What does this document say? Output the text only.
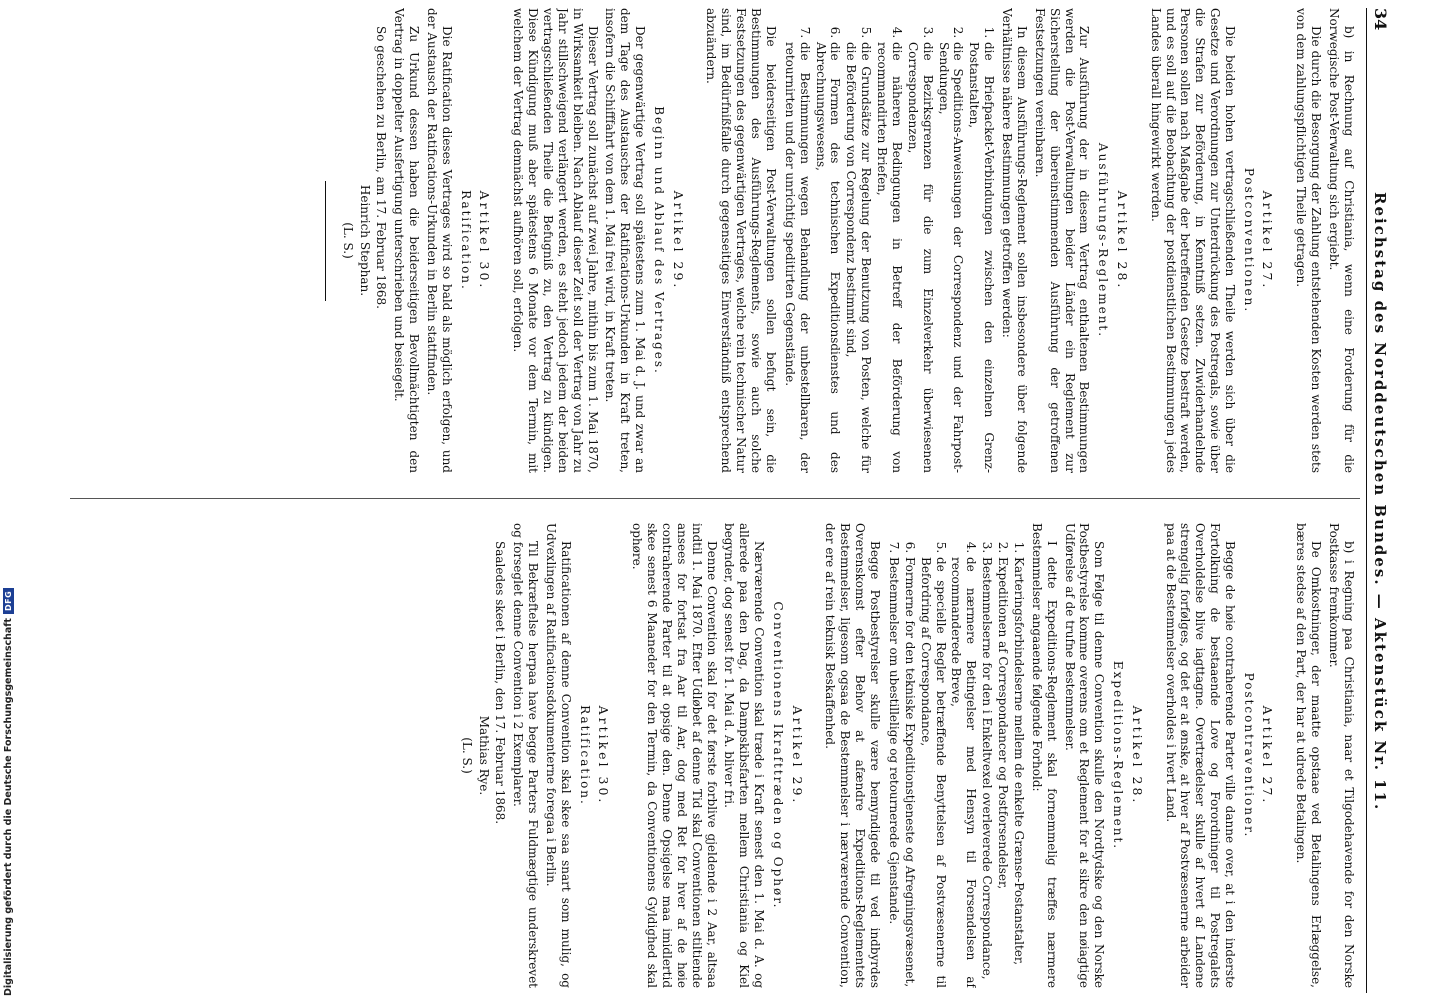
Digitalisierung gefördert durch die Deutsche Forschungsgemeinschaft
DFG
34
Reichstag des Norddeutschen Bundes. — Aktenstück Nr. 11.

b) in Rechnung auf Christiania, wenn eine Forderung für die Norwegische Post-Verwaltung sich ergiebt.

Die durch die Besorgung der Zahlung entstehenden Kosten werden stets von dem zahlungspflichtigen Theile getragen.

Artikel 27.
Postconventionen.

Die beiden hohen vertragschließenden Theile werden sich über die Gesetze und Verordnungen zur Unterdrückung des Postregals, sowie über die Strafen zur Beförderung, in Kenntniß setzen. Zuwiderhandelnde Personen sollen nach Maßgabe der betreffenden Gesetze bestraft werden, und es soll auf die Beobachtung der postdienstlichen Bestimmungen jedes Landes überall hingewirkt werden.

Artikel 28.
Ausführungs-Reglement.

Zur Ausführung der in diesem Vertrag enthaltenen Bestimmungen werden die Post-Verwaltungen beider Länder ein Reglement zur Sicherstellung der übereinstimmenden Ausführung der getroffenen Festsetzungen vereinbaren.

In diesem Ausführungs-Reglement sollen insbesondere über folgende Verhältnisse nähere Bestimmungen getroffen werden:

1. die Briefpacket-Verbindungen zwischen den einzelnen Grenz-Postanstalten,
2. die Speditions-Anweisungen der Correspondenz und der Fahrpost-Sendungen,
3. die Bezirksgrenzen für die zum Einzelverkehr überwiesenen Correspondenzen,
4. die näheren Bedingungen in Betreff der Beförderung von recommandirten Briefen,
5. die Grundsätze zur Regelung der Benutzung von Posten, welche für die Beförderung von Correspondenz bestimmt sind,
6. die Formen des technischen Expeditionsdienstes und des Abrechnungswesens,
7. die Bestimmungen wegen Behandlung der unbestellbaren, der retournirten und der unrichtig speditirten Gegenstände.

Die beiderseitigen Post-Verwaltungen sollen befugt sein, die Bestimmungen des Ausführungs-Reglements, sowie auch solche Festsetzungen des gegenwärtigen Vertrages, welche rein technischer Natur sind, im Bedürfnißfalle durch gegenseitiges Einverständniß entsprechend abzuändern.

Artikel 29.
Beginn und Ablauf des Vertrages.

Der gegenwärtige Vertrag soll spätestens zum 1. Mai d. J. und zwar an dem Tage des Austausches der Ratifications-Urkunden in Kraft treten, insofern die Schifffahrt von dem 1. Mai frei wird, in Kraft treten.

Dieser Vertrag soll zunächst auf zwei Jahre, mithin bis zum 1. Mai 1870, in Wirksamkeit bleiben. Nach Ablauf dieser Zeit soll der Vertrag von Jahr zu Jahr stillschweigend verlängert werden, es steht jedoch jedem der beiden vertragschließenden Theile die Befugniß zu, den Vertrag zu kündigen. Diese Kündigung muß aber spätestens 6 Monate vor dem Termin, mit welchem der Vertrag demnächst aufhören soll, erfolgen.

Artikel 30.
Ratification.

Die Ratification dieses Vertrages wird so bald als möglich erfolgen, und der Austausch der Ratifications-Urkunden in Berlin stattfinden.

Zu Urkund dessen haben die beiderseitigen Bevollmächtigten den Vertrag in doppelter Ausfertigung unterschrieben und besiegelt.

So geschehen zu Berlin, am 17. Februar 1868.
Heinrich Stephan.
(L. S.)

b) i Regning paa Christiania, naar et Tilgodehavende for den Norske Postkasse fremkommer.

De Omkostninger, der maatte opstaae ved Betalingens Erlæggelse, bæres stedse af den Part, der har at udrede Betalingen.

Artikel 27.
Postcontraventioner.

Begge de høie contraherende Parter ville danne over, at i den inderste Fortolkning de bestaaende Love og Forordninger til Postregalets Overholdelse blive iagttagne. Overtrædelser skulle af hvert af Landene strengelig forfølges, og det er at ønske, at hver af Postvæsenerne arbeider paa at de Bestemmelser overholdes i hvert Land.

Artikel 28.
Expeditions-Reglement.

Som Følge til denne Convention skulle den Nordtydske og den Norske Postbestyrelse komme overens om et Reglement for at sikre den nøiagtige Udførelse af de trufne Bestemmelser.

I dette Expeditions-Reglement skal fornemmelig træffes nærmere Bestemmelser angaaende følgende Forhold:

1. Karteringsforbindelserne mellem de enkelte Grænse-Postanstalter,
2. Expeditionen af Correspondancer og Postforsendelser,
3. Bestemmelserne for den i Enkeltvexel overleverede Correspondance,
4. de nærmere Betingelser med Hensyn til Forsendelsen af recommanderede Breve,
5. de specielle Regler betræffende Benyttelsen af Postvæsenerne til Befordring af Correspondance,
6. Formerne for den tekniske Expeditionstjeneste og Afregningsvæsenet,
7. Bestemmelser om ubestillelige og retournerede Gjenstande.

Begge Postbestyrelser skulle være bemyndigede til ved indbyrdes Overenskomst efter Behov at afændre Expeditions-Reglementets Bestemmelser, ligesom ogsaa de Bestemmelser i nærværende Convention, der ere af rein teknisk Beskaffenhed.

Artikel 29.
Conventionens Ikrafttræden og Ophør.

Nærværende Convention skal træde i Kraft senest den 1. Mai d. A. og allerede paa den Dag, da Dampskibsfarten mellem Christiania og Kiel begynder, dog senest for 1. Mai d. A. bliver fri.

Denne Convention skal for det første forblive gjeldende i 2 Aar, altsaa indtil 1. Mai 1870. Efter Udløbet af denne Tid skal Conventionen stiltiende ansees for fortsat fra Aar til Aar, dog med Ret for hver af de høie contraherende Parter til at opsige den. Denne Opsigelse maa imidlertid skee senest 6 Maaneder for den Termin, da Conventionens Gyldighed skal ophøre.

Artikel 30.
Ratification.

Ratificationen af denne Convention skal skee saa snart som mulig, og Udvexlingen af Ratificationsdokumenterne foregaa i Berlin.

Til Bekræftelse herpaa have begge Parters Fuldmægtige underskrevet og forseglet denne Convention i 2 Exemplarer.

Saaledes skeet i Berlin, den 17. Februar 1868.
Mathias Rye.
(L. S.)
